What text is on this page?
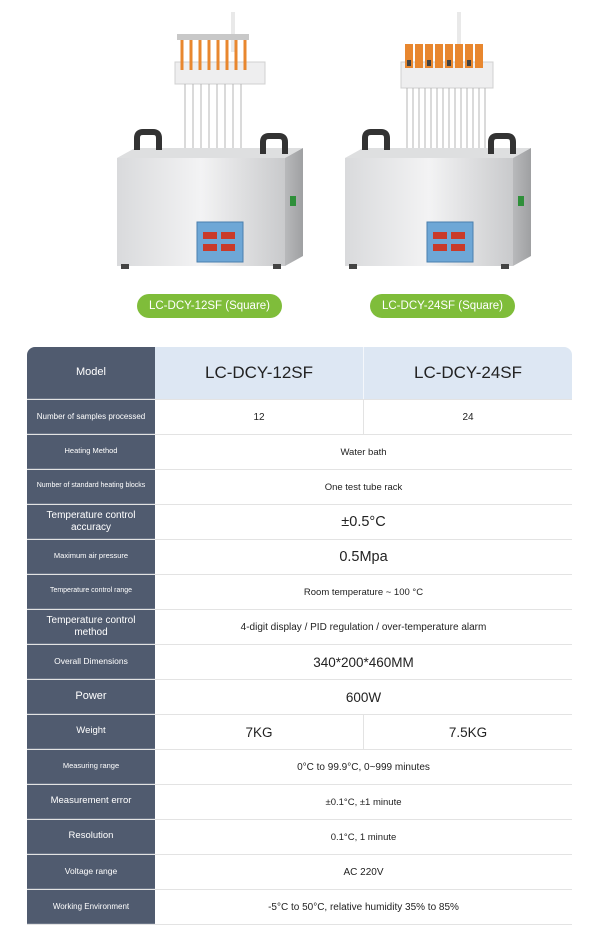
LC-DCY-12SF (Square)	LC-DCY-24SF (Square)
Model	LC-DCY-12SF	LC-DCY-24SF
Number of samples processed	12	24
Heating Method	Water bath
Number of standard heating blocks	One test tube rack
Temperature control accuracy	±0.5°C
Maximum air pressure	0.5Mpa
Temperature control range	Room temperature ~ 100 °C
Temperature control method	4-digit display / PID regulation / over-temperature alarm
Overall Dimensions	340*200*460MM
Power	600W
Weight	7KG	7.5KG
Measuring range	0°C to 99.9°C, 0~999 minutes
Measurement error	±0.1°C, ±1 minute
Resolution	0.1°C, 1 minute
Voltage range	AC 220V
Working Environment	-5°C to 50°C, relative humidity 35% to 85%
